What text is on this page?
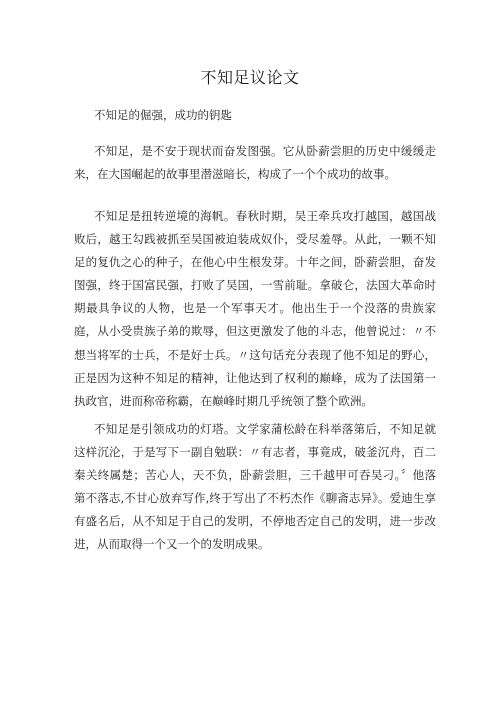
不知足议论文
不知足的倔强，成功的钥匙

不知足，是不安于现状而奋发图强。它从卧薪尝胆的历史中缓缓走来，在大国崛起的故事里潜滋暗长，构成了一个个成功的故事。

不知足是扭转逆境的海帆。春秋时期，吴王牵兵攻打越国，越国战败后，越王勾践被抓至吴国被迫装成奴仆，受尽羞辱。从此，一颗不知足的复仇之心的种子，在他心中生根发芽。十年之间，卧薪尝胆，奋发图强，终于国富民强，打败了吴国，一雪前耻。拿破仑，法国大革命时期最具争议的人物，也是一个军事天才。他出生于一个没落的贵族家庭，从小受贵族子弟的欺辱，但这更激发了他的斗志，他曾说过：〃不想当将军的士兵，不是好士兵。〃这句话充分表现了他不知足的野心，正是因为这种不知足的精神，让他达到了权利的巅峰，成为了法国第一执政官，进而称帝称霸，在巅峰时期几乎统领了整个欧洲。

不知足是引领成功的灯塔。文学家蒲松龄在科举落第后，不知足就这样沉沦，于是写下一副自勉联：〃有志者，事竟成，破釜沉舟，百二秦关终属楚；苦心人，天不负，卧薪尝胆，三千越甲可吞吴刁。〞他落第不落志,不甘心放弃写作,终于写出了不朽杰作《聊斋志异》。爱迪生享有盛名后，从不知足于自己的发明，不停地否定自己的发明，进一步改进，从而取得一个又一个的发明成果。
